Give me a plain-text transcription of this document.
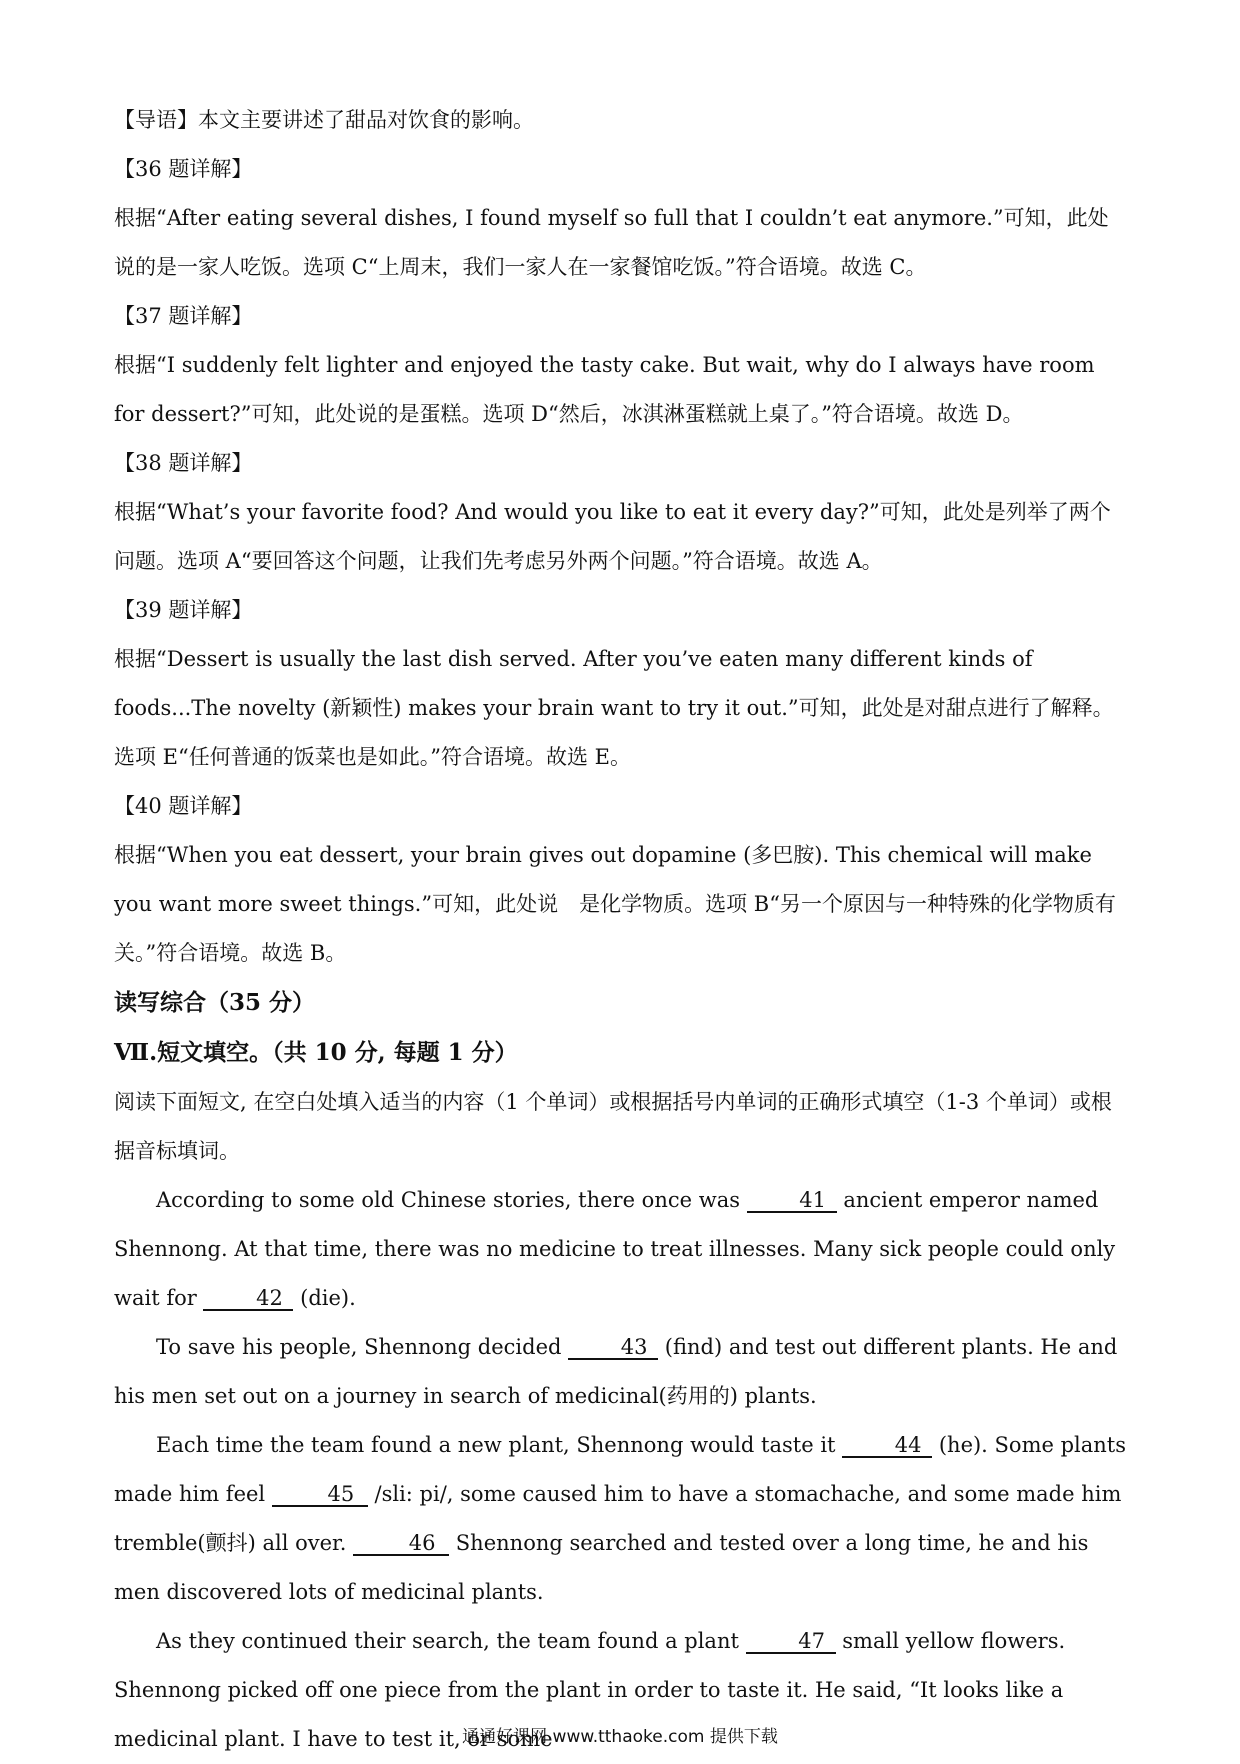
【导语】本文主要讲述了甜品对饮食的影响。

【36 题详解】

根据“After eating several dishes, I found myself so full that I couldn’t eat anymore.”可知，此处说的是一家人吃饭。选项 C“上周末，我们一家人在一家餐馆吃饭。”符合语境。故选 C。

【37 题详解】

根据“I suddenly felt lighter and enjoyed the tasty cake. But wait, why do I always have room for dessert?”可知，此处说的是蛋糕。选项 D“然后，冰淇淋蛋糕就上桌了。”符合语境。故选 D。

【38 题详解】

根据“What’s your favorite food? And would you like to eat it every day?”可知，此处是列举了两个问题。选项 A“要回答这个问题，让我们先考虑另外两个问题。”符合语境。故选 A。

【39 题详解】

根据“Dessert is usually the last dish served. After you’ve eaten many different kinds of foods...The novelty (新颖性) makes your brain want to try it out.”可知，此处是对甜点进行了解释。选项 E“任何普通的饭菜也是如此。”符合语境。故选 E。

【40 题详解】

根据“When you eat dessert, your brain gives out dopamine (多巴胺). This chemical will make you want more sweet things.”可知，此处说　是化学物质。选项 B“另一个原因与一种特殊的化学物质有关。”符合语境。故选 B。

读写综合（35 分）

Ⅶ.短文填空。（共 10 分, 每题 1 分）

阅读下面短文, 在空白处填入适当的内容（1 个单词）或根据括号内单词的正确形式填空（1-3 个单词）或根据音标填词。

According to some old Chinese stories, there once was	41 ancient emperor named Shennong. At that time, there was no medicine to treat illnesses. Many sick people could only wait for	42 (die).

To save his people, Shennong decided	43 (find) and test out different plants. He and his men set out on a journey in search of medicinal(药用的) plants.

Each time the team found a new plant, Shennong would taste it	44 (he). Some plants made him feel	45 /sli: pi/, some caused him to have a stomachache, and some made him tremble(颤抖) all over.	46 Shennong searched and tested over a long time, he and his men discovered lots of medicinal plants.

As they continued their search, the team found a plant	47 small yellow flowers. Shennong picked off one piece from the plant in order to taste it. He said, “It looks like a medicinal plant. I have to test it, or some

通通好课网 www.tthaoke.com 提供下载
